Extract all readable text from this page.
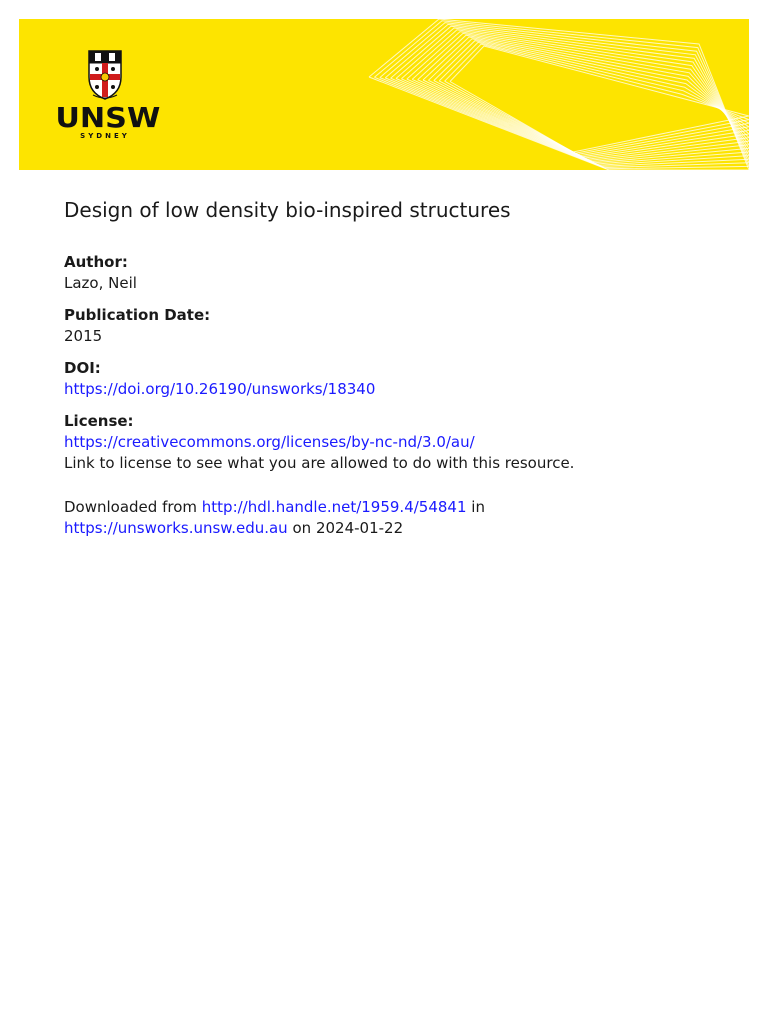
UNSW
SYDNEY
Design of low density bio-inspired structures
Author:
Lazo, Neil
Publication Date:
2015
DOI:
https://doi.org/10.26190/unsworks/18340
License:
https://creativecommons.org/licenses/by-nc-nd/3.0/au/
Link to license to see what you are allowed to do with this resource.
Downloaded from http://hdl.handle.net/1959.4/54841 in https://unsworks.unsw.edu.au on 2024-01-22
